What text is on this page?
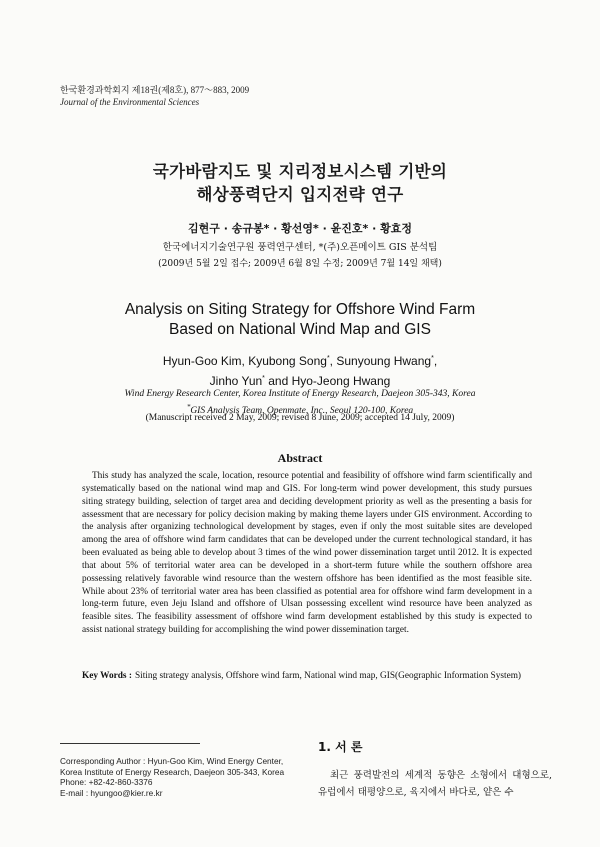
한국환경과학회지 제18권(제8호), 877～883, 2009
Journal of the Environmental Sciences
국가바람지도 및 지리정보시스템 기반의
해상풍력단지 입지전략 연구
김현구 · 송규봉* · 황선영* · 윤진호* · 황효정
한국에너지기술연구원 풍력연구센터, *(주)오픈메이트 GIS 분석팀
(2009년 5월 2일 접수; 2009년 6월 8일 수정; 2009년 7월 14일 채택)
Analysis on Siting Strategy for Offshore Wind Farm
Based on National Wind Map and GIS
Hyun-Goo Kim, Kyubong Song*, Sunyoung Hwang*,
Jinho Yun* and Hyo-Jeong Hwang
Wind Energy Research Center, Korea Institute of Energy Research, Daejeon 305-343, Korea
*GIS Analysis Team, Openmate, Inc., Seoul 120-100, Korea
(Manuscript received 2 May, 2009; revised 8 June, 2009; accepted 14 July, 2009)
Abstract
This study has analyzed the scale, location, resource potential and feasibility of offshore wind farm scientifically and systematically based on the national wind map and GIS. For long-term wind power development, this study pursues siting strategy building, selection of target area and deciding development priority as well as the presenting a basis for assessment that are necessary for policy decision making by making theme layers under GIS environment. According to the analysis after organizing technological development by stages, even if only the most suitable sites are developed among the area of offshore wind farm candidates that can be developed under the current technological standard, it has been evaluated as being able to develop about 3 times of the wind power dissemination target until 2012. It is expected that about 5% of territorial water area can be developed in a short-term future while the southern offshore area possessing relatively favorable wind resource than the western offshore has been identified as the most feasible site. While about 23% of territorial water area has been classified as potential area for offshore wind farm development in a long-term future, even Jeju Island and offshore of Ulsan possessing excellent wind resource have been analyzed as feasible sites. The feasibility assessment of offshore wind farm development established by this study is expected to assist national strategy building for accomplishing the wind power dissemination target.
Key Words : Siting strategy analysis, Offshore wind farm, National wind map, GIS(Geographic Information System)
Corresponding Author : Hyun-Goo Kim, Wind Energy Center,
Korea Institute of Energy Research, Daejeon 305-343, Korea
Phone: +82-42-860-3376
E-mail : hyungoo@kier.re.kr
1. 서 론
최근 풍력발전의 세계적 동향은 소형에서 대형으로, 유럽에서 태평양으로, 육지에서 바다로, 얕은 수
